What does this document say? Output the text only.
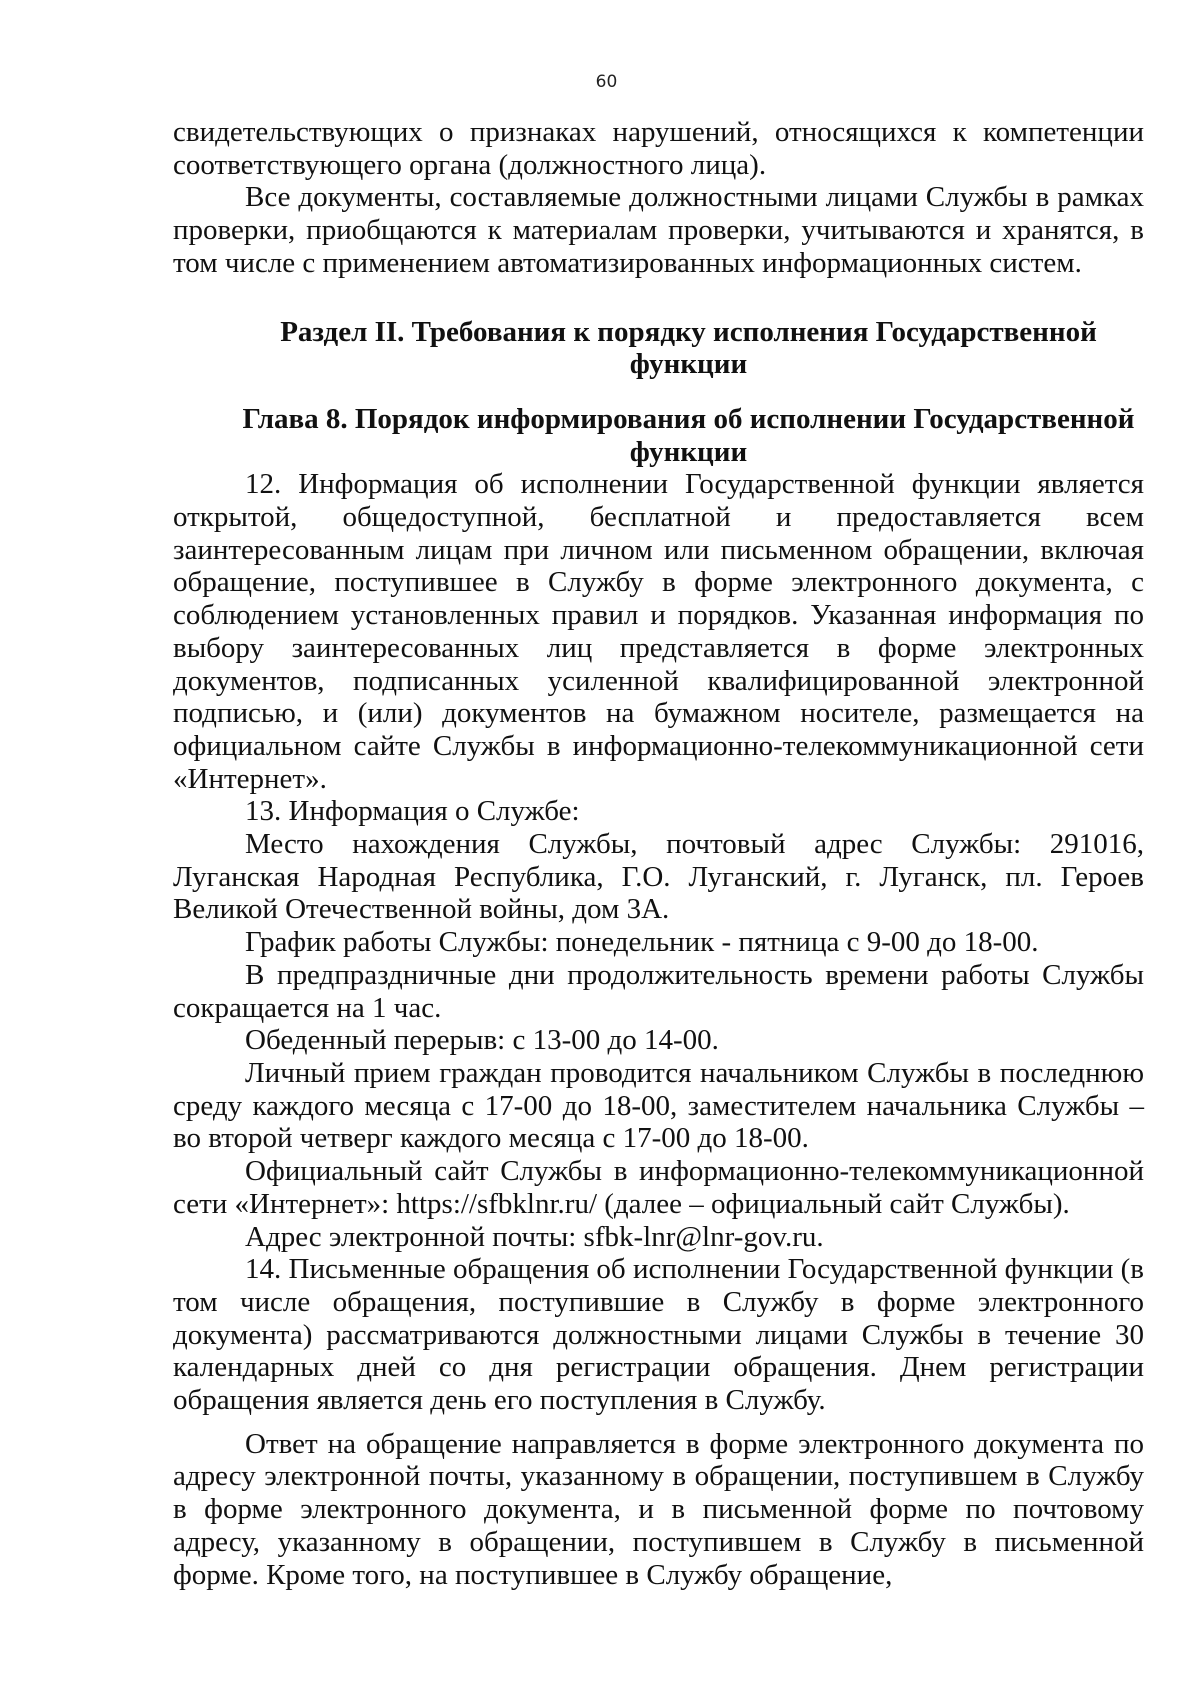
60

свидетельствующих о признаках нарушений, относящихся к компетенции соответствующего органа (должностного лица).

Все документы, составляемые должностными лицами Службы в рамках проверки, приобщаются к материалам проверки, учитываются и хранятся, в том числе с применением автоматизированных информационных систем.

Раздел II. Требования к порядку исполнения Государственной функции

Глава 8. Порядок информирования об исполнении Государственной функции

12. Информация об исполнении Государственной функции является открытой, общедоступной, бесплатной и предоставляется всем заинтересованным лицам при личном или письменном обращении, включая обращение, поступившее в Службу в форме электронного документа, с соблюдением установленных правил и порядков. Указанная информация по выбору заинтересованных лиц представляется в форме электронных документов, подписанных усиленной квалифицированной электронной подписью, и (или) документов на бумажном носителе, размещается на официальном сайте Службы в информационно-телекоммуникационной сети «Интернет».

13. Информация о Службе:

Место нахождения Службы, почтовый адрес Службы: 291016, Луганская Народная Республика, Г.О. Луганский, г. Луганск, пл. Героев Великой Отечественной войны, дом 3А.

График работы Службы: понедельник - пятница с 9-00 до 18-00.

В предпраздничные дни продолжительность времени работы Службы сокращается на 1 час.

Обеденный перерыв: с 13-00 до 14-00.

Личный прием граждан проводится начальником Службы в последнюю среду каждого месяца с 17-00 до 18-00, заместителем начальника Службы – во второй четверг каждого месяца с 17-00 до 18-00.

Официальный сайт Службы в информационно-телекоммуникационной сети «Интернет»: https://sfbklnr.ru/ (далее – официальный сайт Службы).

Адрес электронной почты: sfbk-lnr@lnr-gov.ru.

14. Письменные обращения об исполнении Государственной функции (в том числе обращения, поступившие в Службу в форме электронного документа) рассматриваются должностными лицами Службы в течение 30 календарных дней со дня регистрации обращения. Днем регистрации обращения является день его поступления в Службу.

Ответ на обращение направляется в форме электронного документа по адресу электронной почты, указанному в обращении, поступившем в Службу в форме электронного документа, и в письменной форме по почтовому адресу, указанному в обращении, поступившем в Службу в письменной форме. Кроме того, на поступившее в Службу обращение,
